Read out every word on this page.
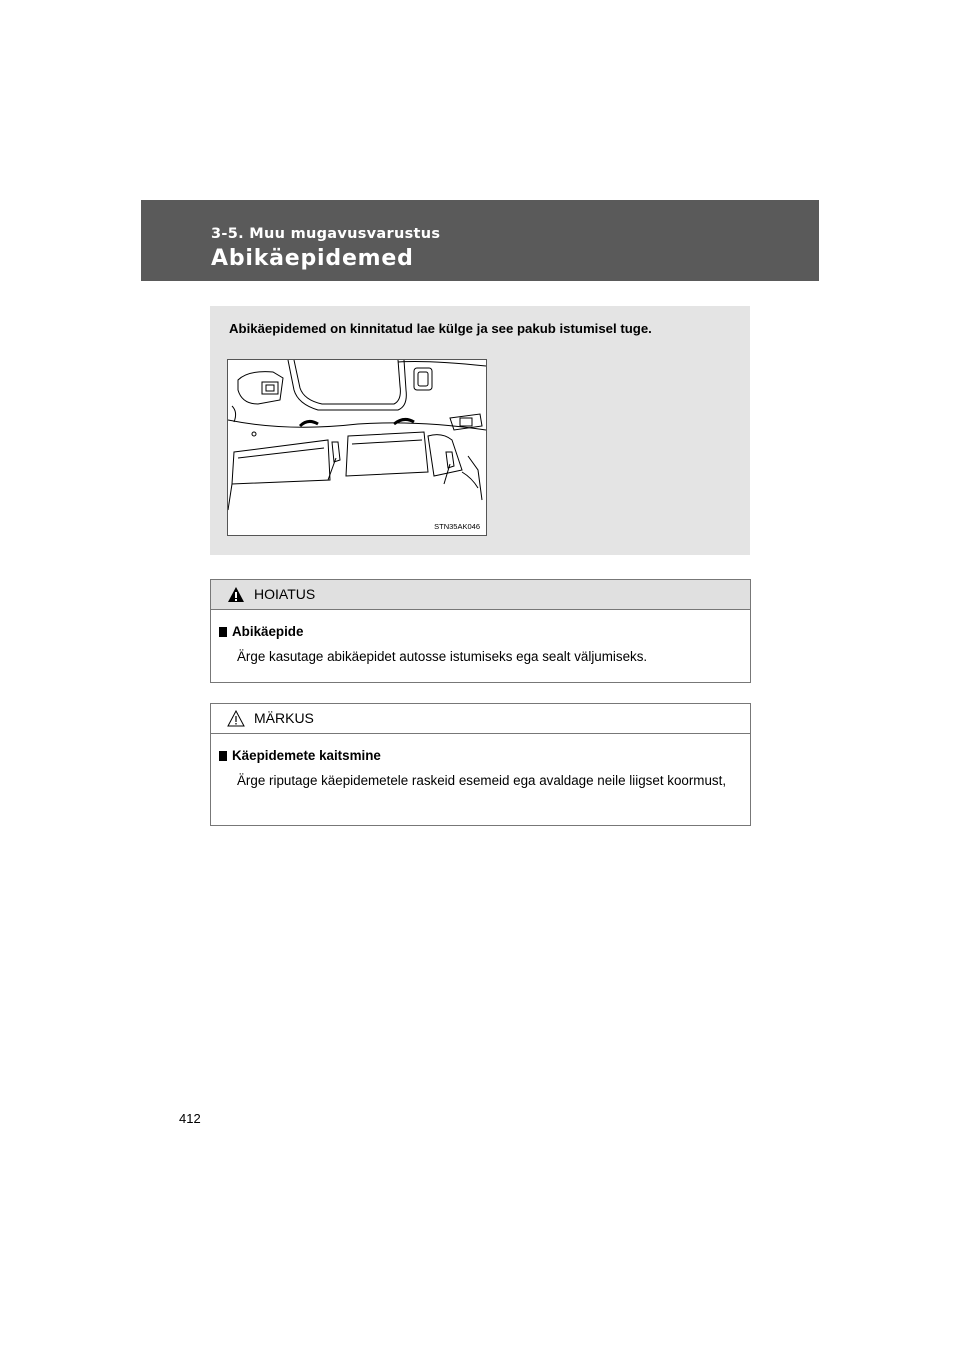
3-5. Muu mugavusvarustus
Abikäepidemed
Abikäepidemed on kinnitatud lae külge ja see pakub istumisel tuge.
STN35AK046
HOIATUS
Abikäepide
Ärge kasutage abikäepidet autosse istumiseks ega sealt väljumiseks.
MÄRKUS
Käepidemete kaitsmine
Ärge riputage käepidemetele raskeid esemeid ega avaldage neile liigset koormust,
412
